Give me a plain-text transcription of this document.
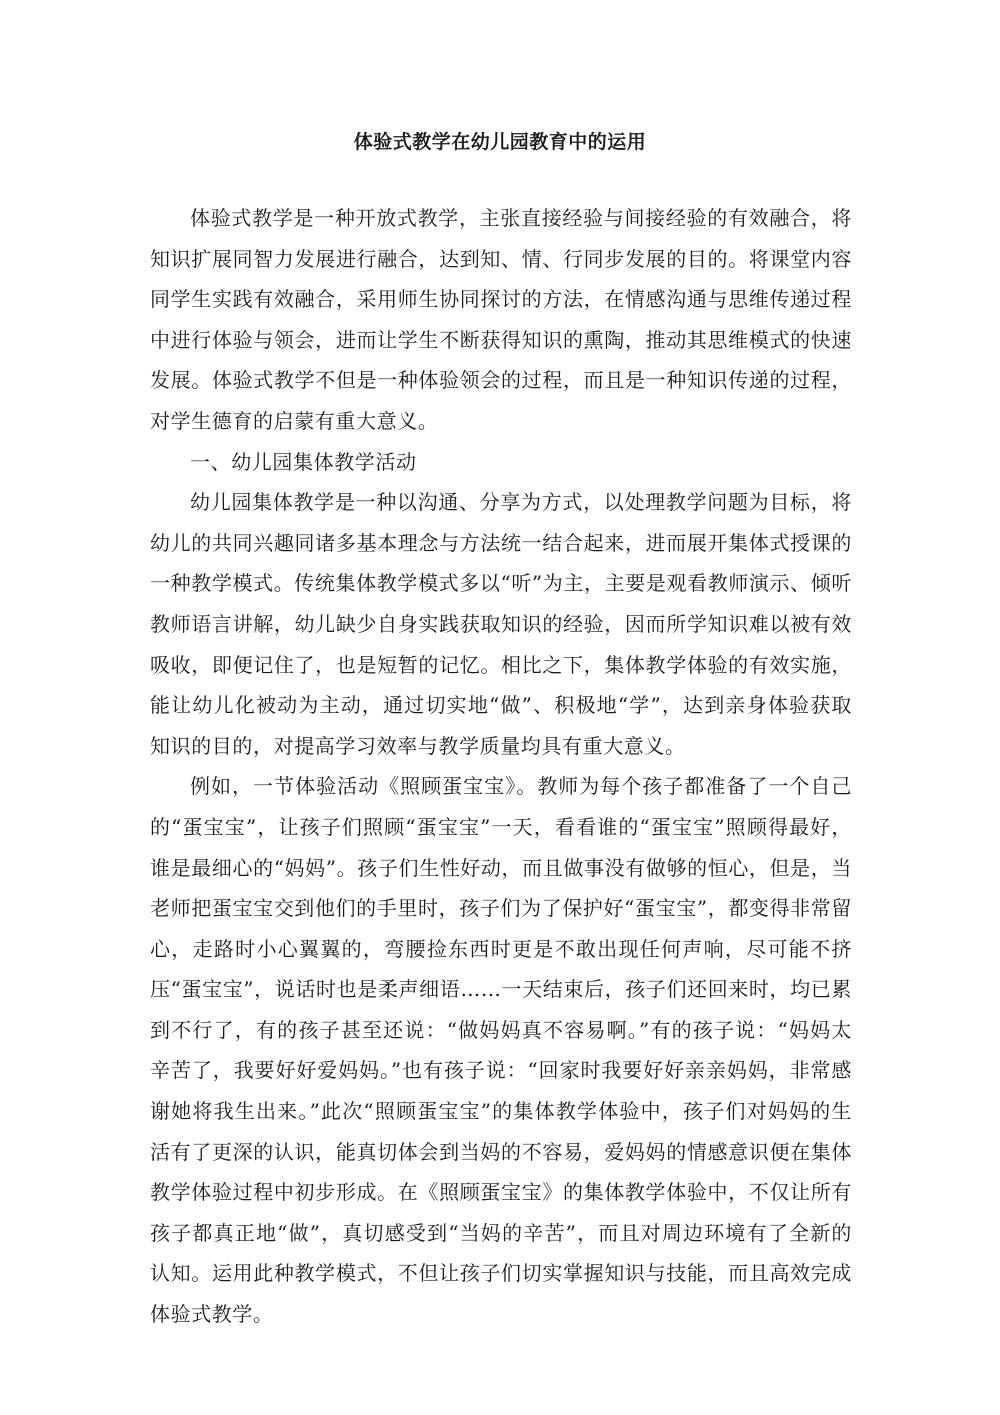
体验式教学在幼儿园教育中的运用

体验式教学是一种开放式教学，主张直接经验与间接经验的有效融合，将知识扩展同智力发展进行融合，达到知、情、行同步发展的目的。将课堂内容同学生实践有效融合，采用师生协同探讨的方法，在情感沟通与思维传递过程中进行体验与领会，进而让学生不断获得知识的熏陶，推动其思维模式的快速发展。体验式教学不但是一种体验领会的过程，而且是一种知识传递的过程，对学生德育的启蒙有重大意义。

一、幼儿园集体教学活动

幼儿园集体教学是一种以沟通、分享为方式，以处理教学问题为目标，将幼儿的共同兴趣同诸多基本理念与方法统一结合起来，进而展开集体式授课的一种教学模式。传统集体教学模式多以“听”为主，主要是观看教师演示、倾听教师语言讲解，幼儿缺少自身实践获取知识的经验，因而所学知识难以被有效吸收，即便记住了，也是短暂的记忆。相比之下，集体教学体验的有效实施，能让幼儿化被动为主动，通过切实地“做”、积极地“学”，达到亲身体验获取知识的目的，对提高学习效率与教学质量均具有重大意义。

例如，一节体验活动《照顾蛋宝宝》。教师为每个孩子都准备了一个自己的“蛋宝宝”，让孩子们照顾“蛋宝宝”一天，看看谁的“蛋宝宝”照顾得最好，谁是最细心的“妈妈”。孩子们生性好动，而且做事没有做够的恒心，但是，当老师把蛋宝宝交到他们的手里时，孩子们为了保护好“蛋宝宝”，都变得非常留心，走路时小心翼翼的，弯腰捡东西时更是不敢出现任何声响，尽可能不挤压“蛋宝宝”，说话时也是柔声细语……一天结束后，孩子们还回来时，均已累到不行了，有的孩子甚至还说：“做妈妈真不容易啊。”有的孩子说：“妈妈太辛苦了，我要好好爱妈妈。”也有孩子说：“回家时我要好好亲亲妈妈，非常感谢她将我生出来。”此次“照顾蛋宝宝”的集体教学体验中，孩子们对妈妈的生活有了更深的认识，能真切体会到当妈的不容易，爱妈妈的情感意识便在集体教学体验过程中初步形成。在《照顾蛋宝宝》的集体教学体验中，不仅让所有孩子都真正地“做”，真切感受到“当妈的辛苦”，而且对周边环境有了全新的认知。运用此种教学模式，不但让孩子们切实掌握知识与技能，而且高效完成体验式教学。
